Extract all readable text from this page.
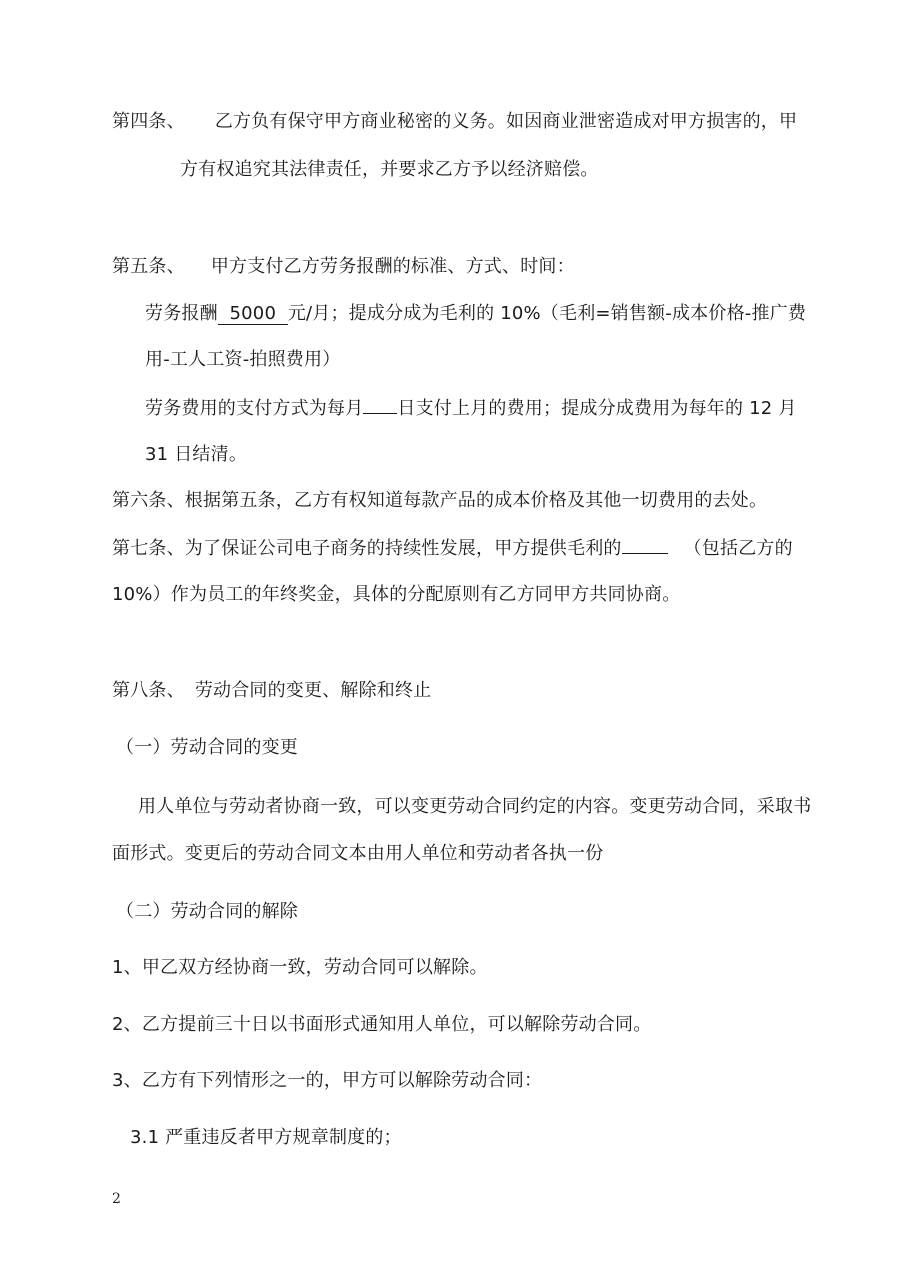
第四条、 乙方负有保守甲方商业秘密的义务。如因商业泄密造成对甲方损害的，甲
方有权追究其法律责任，并要求乙方予以经济赔偿。
第五条、 甲方支付乙方劳务报酬的标准、方式、时间：
劳务报酬 5000 元/月；提成分成为毛利的 10%（毛利=销售额-成本价格-推广费
用-工人工资-拍照费用）
劳务费用的支付方式为每月 日支付上月的费用；提成分成费用为每年的 12 月
31 日结清。
第六条、根据第五条，乙方有权知道每款产品的成本价格及其他一切费用的去处。
第七条、为了保证公司电子商务的持续性发展，甲方提供毛利的	（包括乙方的
10%）作为员工的年终奖金，具体的分配原则有乙方同甲方共同协商。
第八条、 劳动合同的变更、解除和终止
（一）劳动合同的变更
用人单位与劳动者协商一致，可以变更劳动合同约定的内容。变更劳动合同，采取书
面形式。变更后的劳动合同文本由用人单位和劳动者各执一份
（二）劳动合同的解除
1、甲乙双方经协商一致，劳动合同可以解除。
2、乙方提前三十日以书面形式通知用人单位，可以解除劳动合同。
3、乙方有下列情形之一的，甲方可以解除劳动合同：
3.1 严重违反者甲方规章制度的；
2
